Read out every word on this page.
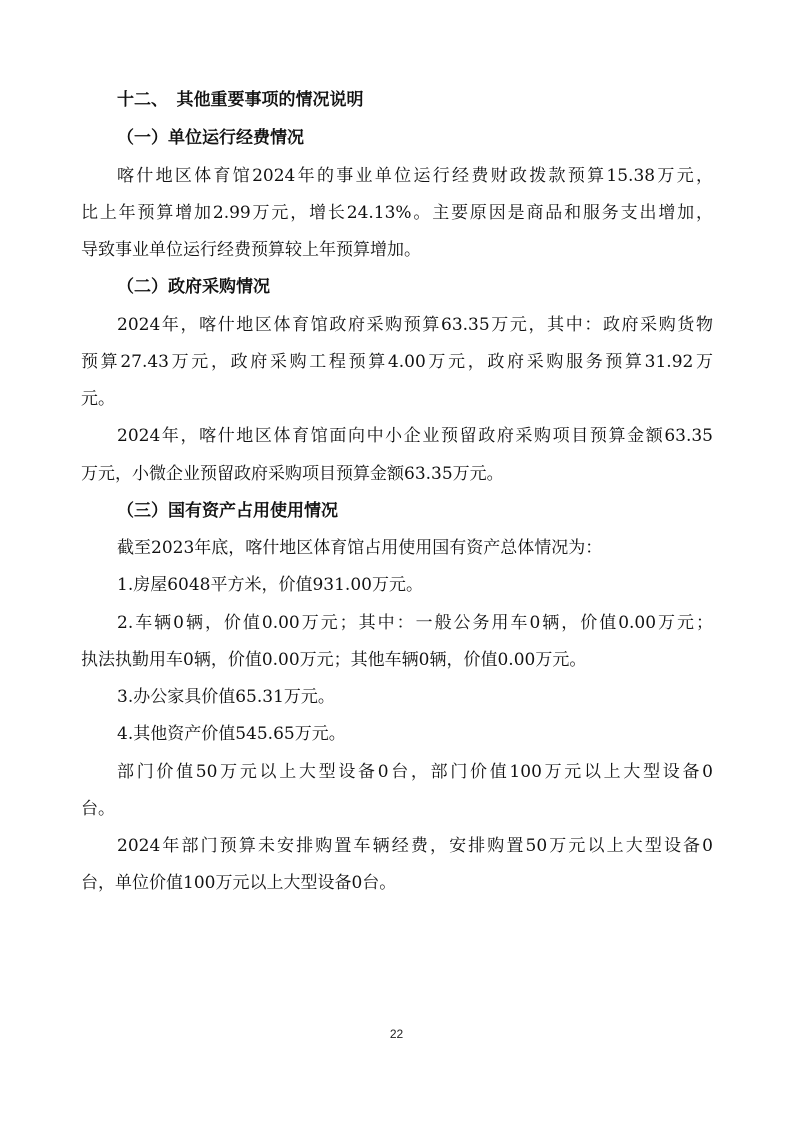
十二、　其他重要事项的情况说明
（一）单位运行经费情况
喀什地区体育馆2024年的事业单位运行经费财政拨款预算15.38万元，
比上年预算增加2.99万元，增长24.13%。主要原因是商品和服务支出增加，
导致事业单位运行经费预算较上年预算增加。
（二）政府采购情况
2024年，喀什地区体育馆政府采购预算63.35万元，其中：政府采购货物
预算27.43万元，政府采购工程预算4.00万元，政府采购服务预算31.92万
元。
2024年，喀什地区体育馆面向中小企业预留政府采购项目预算金额63.35
万元，小微企业预留政府采购项目预算金额63.35万元。
（三）国有资产占用使用情况
截至2023年底，喀什地区体育馆占用使用国有资产总体情况为：
1.房屋6048平方米，价值931.00万元。
2.车辆0辆，价值0.00万元；其中：一般公务用车0辆，价值0.00万元；
执法执勤用车0辆，价值0.00万元；其他车辆0辆，价值0.00万元。
3.办公家具价值65.31万元。
4.其他资产价值545.65万元。
部门价值50万元以上大型设备0台，部门价值100万元以上大型设备0
台。
2024年部门预算未安排购置车辆经费，安排购置50万元以上大型设备0
台，单位价值100万元以上大型设备0台。
22
